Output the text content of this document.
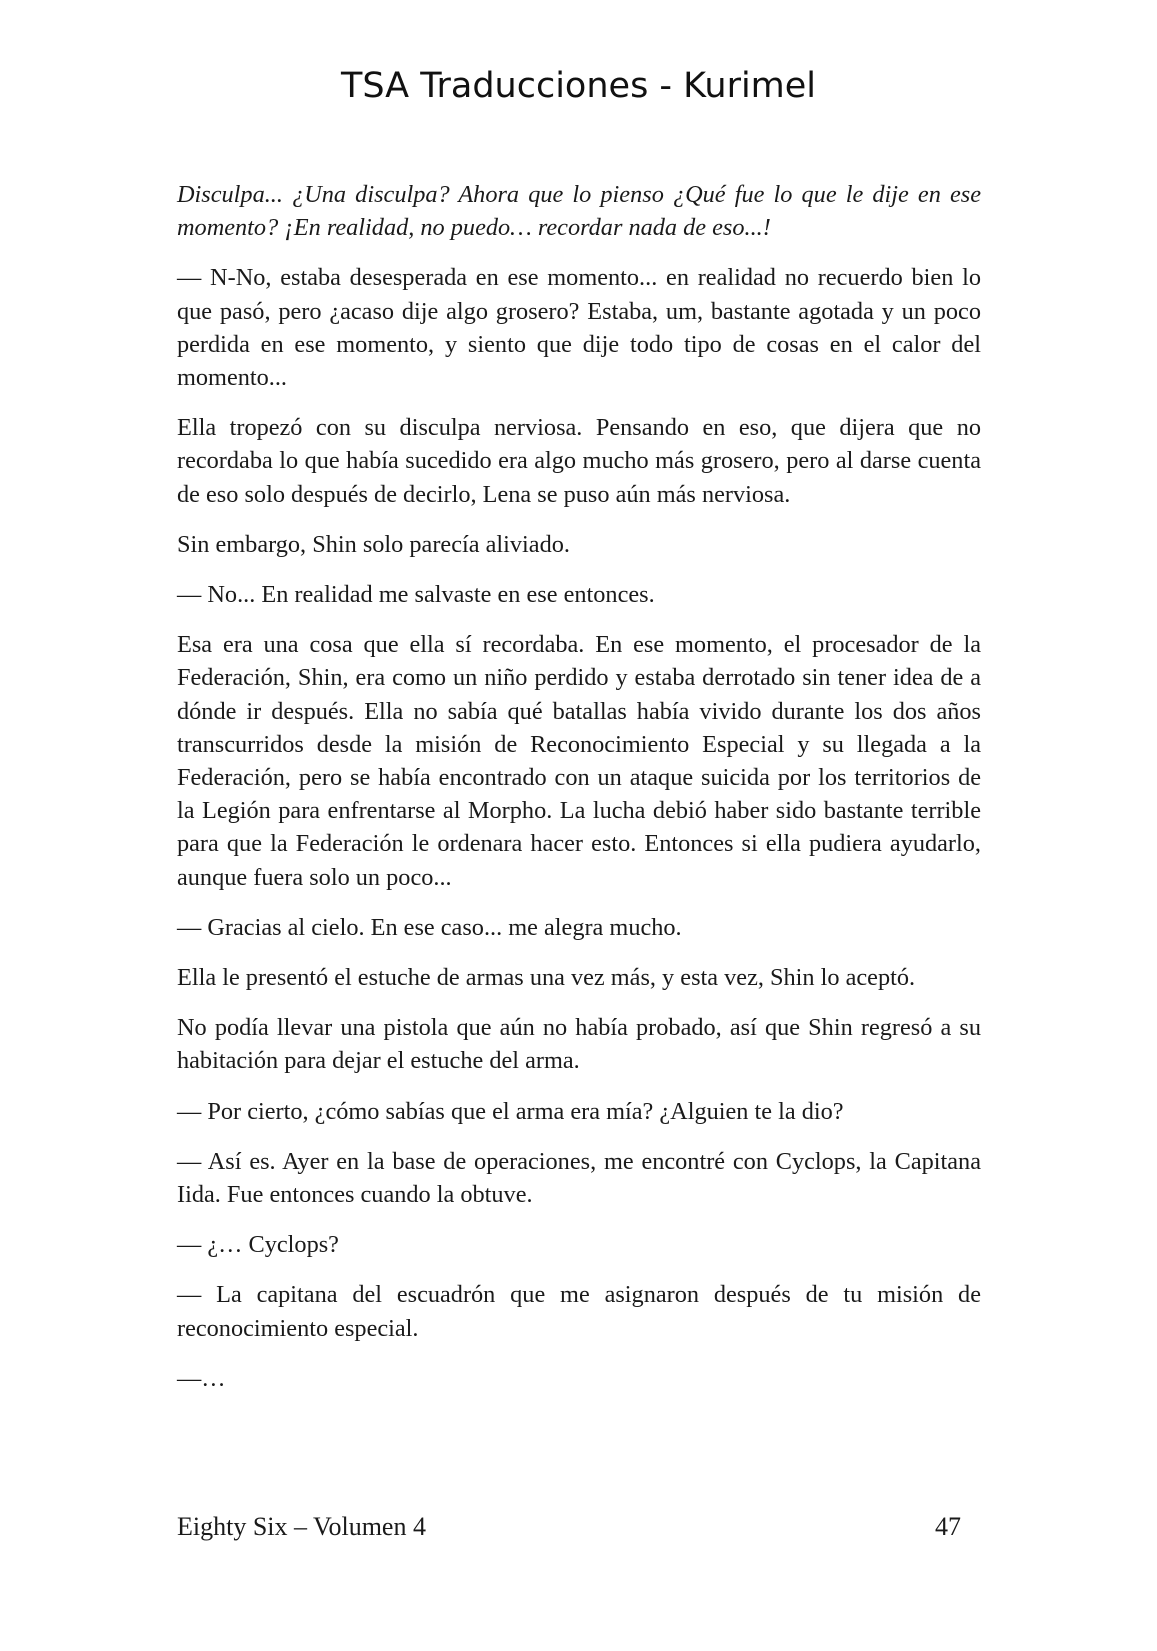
TSA Traducciones - Kurimel

Disculpa... ¿Una disculpa? Ahora que lo pienso ¿Qué fue lo que le dije en ese momento? ¡En realidad, no puedo… recordar nada de eso...!

— N-No, estaba desesperada en ese momento... en realidad no recuerdo bien lo que pasó, pero ¿acaso dije algo grosero? Estaba, um, bastante agotada y un poco perdida en ese momento, y siento que dije todo tipo de cosas en el calor del momento...

Ella tropezó con su disculpa nerviosa. Pensando en eso, que dijera que no recordaba lo que había sucedido era algo mucho más grosero, pero al darse cuenta de eso solo después de decirlo, Lena se puso aún más nerviosa.

Sin embargo, Shin solo parecía aliviado.

— No... En realidad me salvaste en ese entonces.

Esa era una cosa que ella sí recordaba. En ese momento, el procesador de la Federación, Shin, era como un niño perdido y estaba derrotado sin tener idea de a dónde ir después. Ella no sabía qué batallas había vivido durante los dos años transcurridos desde la misión de Reconocimiento Especial y su llegada a la Federación, pero se había encontrado con un ataque suicida por los territorios de la Legión para enfrentarse al Morpho. La lucha debió haber sido bastante terrible para que la Federación le ordenara hacer esto. Entonces si ella pudiera ayudarlo, aunque fuera solo un poco...

— Gracias al cielo. En ese caso... me alegra mucho.

Ella le presentó el estuche de armas una vez más, y esta vez, Shin lo aceptó.

No podía llevar una pistola que aún no había probado, así que Shin regresó a su habitación para dejar el estuche del arma.

— Por cierto, ¿cómo sabías que el arma era mía? ¿Alguien te la dio?

— Así es. Ayer en la base de operaciones, me encontré con Cyclops, la Capitana Iida. Fue entonces cuando la obtuve.

— ¿… Cyclops?

— La capitana del escuadrón que me asignaron después de tu misión de reconocimiento especial.

—…

Eighty Six – Volumen 4	47
